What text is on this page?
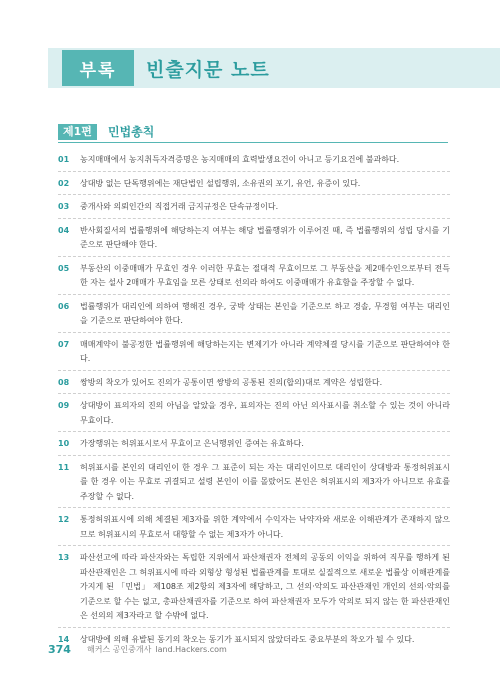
부록	빈출지문 노트
제1편	민법총칙
01	농지매매에서 농지취득자격증명은 농지매매의 효력발생요건이 아니고 등기요건에 불과하다.
02	상대방 없는 단독행위에는 재단법인 설립행위, 소유권의 포기, 유언, 유증이 있다.
03	중개사와 의뢰인간의 직접거래 금지규정은 단속규정이다.
04	반사회질서의 법률행위에 해당하는지 여부는 해당 법률행위가 이루어진 때, 즉 법률행위의 성립 당시를 기준으로 판단해야 한다.
05	부동산의 이중매매가 무효인 경우 이러한 무효는 절대적 무효이므로 그 부동산을 제2매수인으로부터 전득한 자는 설사 2매매가 무효임을 모른 상태로 선의라 하여도 이중매매가 유효함을 주장할 수 없다.
06	법률행위가 대리인에 의하여 행해진 경우, 궁박 상태는 본인을 기준으로 하고 경솔, 무경험 여부는 대리인을 기준으로 판단하여야 한다.
07	매매계약이 불공정한 법률행위에 해당하는지는 변제기가 아니라 계약체결 당시를 기준으로 판단하여야 한다.
08	쌍방의 착오가 있어도 진의가 공통이면 쌍방의 공통된 진의(합의)대로 계약은 성립한다.
09	상대방이 표의자의 진의 아님을 알았을 경우, 표의자는 진의 아닌 의사표시를 취소할 수 있는 것이 아니라 무효이다.
10	가장행위는 허위표시로서 무효이고 은닉행위인 증여는 유효하다.
11	허위표시를 본인의 대리인이 한 경우 그 표준이 되는 자는 대리인이므로 대리인이 상대방과 통정허위표시를 한 경우 이는 무효로 귀결되고 설령 본인이 이를 몰랐어도 본인은 허위표시의 제3자가 아니므로 유효를 주장할 수 없다.
12	통정허위표시에 의해 체결된 제3자를 위한 계약에서 수익자는 낙약자와 새로운 이해관계가 존재하지 않으므로 허위표시의 무효로서 대항할 수 없는 제3자가 아니다.
13	파산선고에 따라 파산자와는 독립한 지위에서 파산채권자 전체의 공동의 이익을 위하여 직무를 행하게 된 파산관재인은 그 허위표시에 따라 외형상 형성된 법률관계를 토대로 실질적으로 새로운 법률상 이해관계를 가지게 된 「민법」 제108조 제2항의 제3자에 해당하고, 그 선의·악의도 파산관재인 개인의 선의·악의를 기준으로 할 수는 없고, 총파산채권자를 기준으로 하여 파산채권자 모두가 악의로 되지 않는 한 파산관재인은 선의의 제3자라고 할 수밖에 없다.
14	상대방에 의해 유발된 동기의 착오는 동기가 표시되지 않았더라도 중요부분의 착오가 될 수 있다.
374 해커스 공인중개사 land.Hackers.com
